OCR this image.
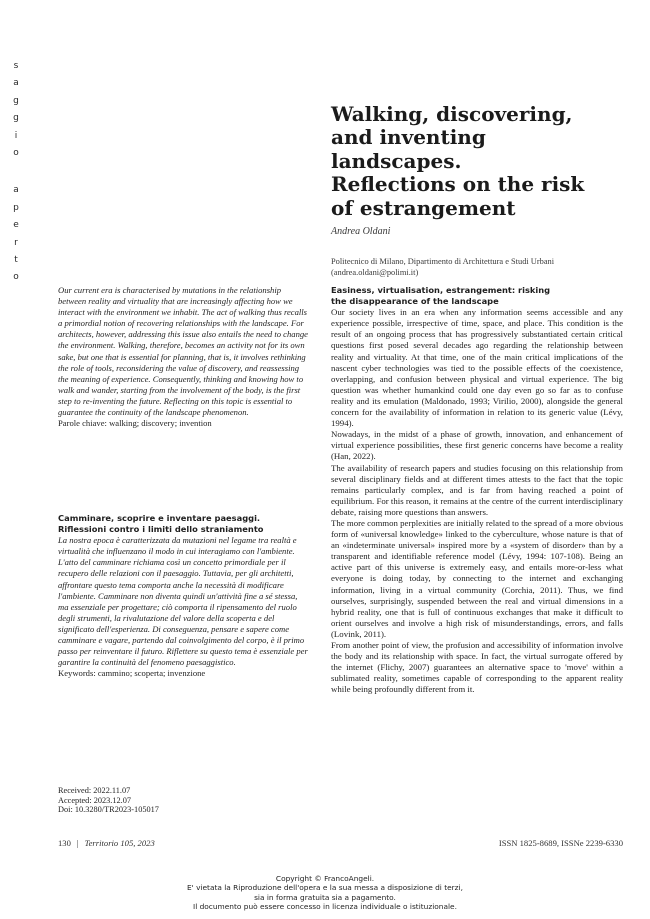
s
a
g
g
i
o
a
p
e
r
t
o
Walking, discovering,
and inventing
landscapes.
Reflections on the risk
of estrangement
Andrea Oldani
Politecnico di Milano, Dipartimento di Architettura e Studi Urbani
(andrea.oldani@polimi.it)
Our current era is characterised by mutations in the relationship between reality and virtuality that are increasingly affecting how we interact with the environment we inhabit. The act of walking thus recalls a primordial notion of recovering relationships with the landscape. For architects, however, addressing this issue also entails the need to change the environment. Walking, therefore, becomes an activity not for its own sake, but one that is essential for planning, that is, it involves rethinking the role of tools, reconsidering the value of discovery, and reassessing the meaning of experience. Consequently, thinking and knowing how to walk and wander, starting from the involvement of the body, is the first step to re-inventing the future. Reflecting on this topic is essential to guarantee the continuity of the landscape phenomenon.
Parole chiave: walking; discovery; invention
Camminare, scoprire e inventare paesaggi.
Riflessioni contro i limiti dello straniamento
La nostra epoca è caratterizzata da mutazioni nel legame tra realtà e virtualità che influenzano il modo in cui interagiamo con l'ambiente. L'atto del camminare richiama così un concetto primordiale per il recupero delle relazioni con il paesaggio. Tuttavia, per gli architetti, affrontare questo tema comporta anche la necessità di modificare l'ambiente. Camminare non diventa quindi un'attività fine a sé stessa, ma essenziale per progettare; ciò comporta il ripensamento del ruolo degli strumenti, la rivalutazione del valore della scoperta e del significato dell'esperienza. Di conseguenza, pensare e sapere come camminare e vagare, partendo dal coinvolgimento del corpo, è il primo passo per reinventare il futuro. Riflettere su questo tema è essenziale per garantire la continuità del fenomeno paesaggistico.
Keywords: cammino; scoperta; invenzione
Received: 2022.11.07
Accepted: 2023.12.07
Doi: 10.3280/TR2023-105017
Easiness, virtualisation, estrangement: risking
the disappearance of the landscape

Our society lives in an era when any information seems accessible and any experience possible, irrespective of time, space, and place. This condition is the result of an ongoing process that has progressively substantiated certain critical questions first posed several decades ago regarding the relationship between reality and virtuality. At that time, one of the main critical implications of the nascent cyber technologies was tied to the possible effects of the coexistence, overlapping, and confusion between physical and virtual experience. The big question was whether humankind could one day even go so far as to confuse reality and its emulation (Maldonado, 1993; Virilio, 2000), alongside the general concern for the availability of information in relation to its generic value (Lévy, 1994).

Nowadays, in the midst of a phase of growth, innovation, and enhancement of virtual experience possibilities, these first generic concerns have become a reality (Han, 2022).

The availability of research papers and studies focusing on this relationship from several disciplinary fields and at different times attests to the fact that the topic remains particularly complex, and is far from having reached a point of equilibrium. For this reason, it remains at the centre of the current interdisciplinary debate, raising more questions than answers.

The more common perplexities are initially related to the spread of a more obvious form of «universal knowledge» linked to the cyberculture, whose nature is that of an «indeterminate universal» inspired more by a «system of disorder» than by a transparent and identifiable reference model (Lévy, 1994: 107-108). Being an active part of this universe is extremely easy, and entails more-or-less what everyone is doing today, by connecting to the internet and exchanging information, living in a virtual community (Corchia, 2011). Thus, we find ourselves, surprisingly, suspended between the real and virtual dimensions in a hybrid reality, one that is full of continuous exchanges that make it difficult to orient ourselves and involve a high risk of misunderstandings, errors, and falls (Lovink, 2011).

From another point of view, the profusion and accessibility of information involve the body and its relationship with space. In fact, the virtual surrogate offered by the internet (Flichy, 2007) guarantees an alternative space to 'move' within a sublimated reality, sometimes capable of corresponding to the apparent reality while being profoundly different from it.

130 | Territorio 105, 2023	ISSN 1825-8689, ISSNe 2239-6330
Copyright © FrancoAngeli.
E' vietata la Riproduzione dell'opera e la sua messa a disposizione di terzi,
sia in forma gratuita sia a pagamento.
Il documento può essere concesso in licenza individuale o istituzionale.
